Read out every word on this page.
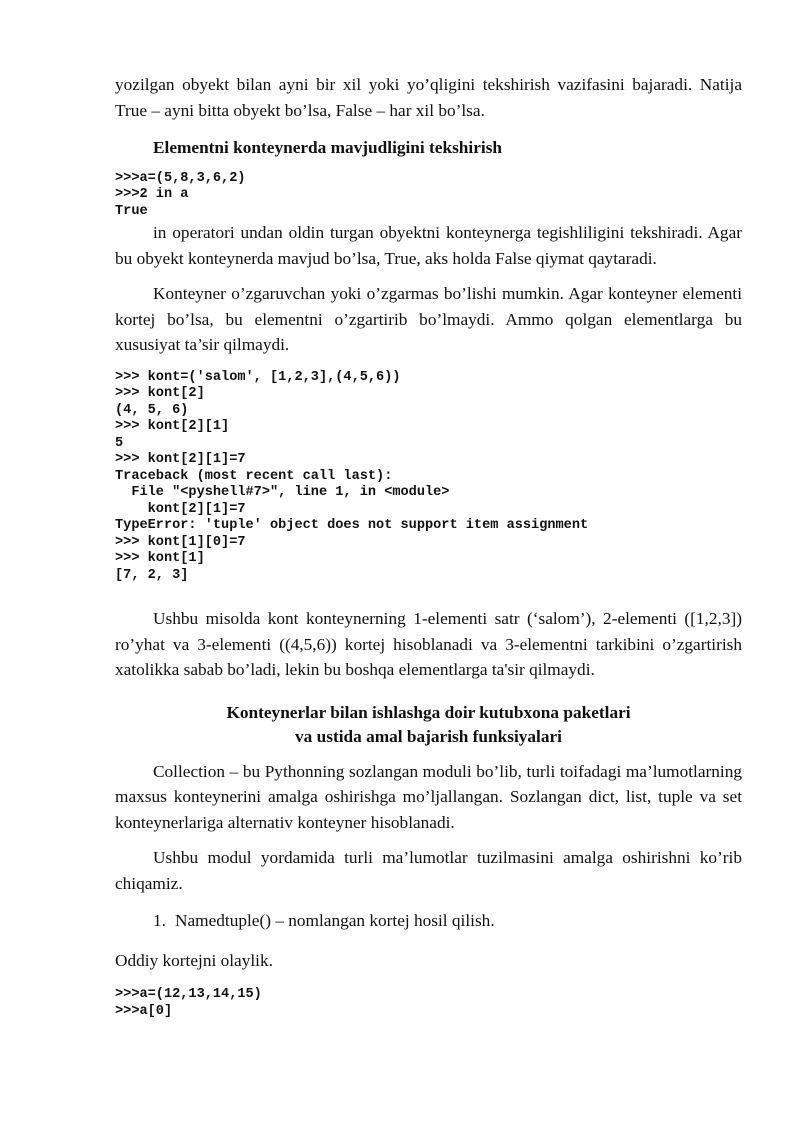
yozilgan obyekt bilan ayni bir xil yoki yo’qligini tekshirish vazifasini bajaradi. Natija True – ayni bitta obyekt bo’lsa, False – har xil bo’lsa.

Elementni konteynerda mavjudligini tekshirish
>>>a=(5,8,3,6,2)
>>>2 in a
True

in operatori undan oldin turgan obyektni konteynerga tegishliligini tekshiradi. Agar bu obyekt konteynerda mavjud bo’lsa, True, aks holda False qiymat qaytaradi.

Konteyner o’zgaruvchan yoki o’zgarmas bo’lishi mumkin. Agar konteyner elementi kortej bo’lsa, bu elementni o’zgartirib bo’lmaydi. Ammo qolgan elementlarga bu xususiyat ta’sir qilmaydi.

>>> kont=('salom', [1,2,3],(4,5,6))
>>> kont[2]
(4, 5, 6)
>>> kont[2][1]
5
>>> kont[2][1]=7
Traceback (most recent call last):
File "<pyshell#7>", line 1, in <module>
kont[2][1]=7
TypeError: 'tuple' object does not support item assignment
>>> kont[1][0]=7
>>> kont[1]
[7, 2, 3]

Ushbu misolda kont konteynerning 1-elementi satr (‘salom’), 2-elementi ([1,2,3]) ro’yhat va 3-elementi ((4,5,6)) kortej hisoblanadi va 3-elementni tarkibini o’zgartirish xatolikka sabab bo’ladi, lekin bu boshqa elementlarga ta'sir qilmaydi.

Konteynerlar bilan ishlashga doir kutubxona paketlari
va ustida amal bajarish funksiyalari

Collection – bu Pythonning sozlangan moduli bo’lib, turli toifadagi ma’lumotlarning maxsus konteynerini amalga oshirishga mo’ljallangan. Sozlangan dict, list, tuple va set konteynerlariga alternativ konteyner hisoblanadi.

Ushbu modul yordamida turli ma’lumotlar tuzilmasini amalga oshirishni ko’rib chiqamiz.

1. Namedtuple() – nomlangan kortej hosil qilish.

Oddiy kortejni olaylik.

>>>a=(12,13,14,15)
>>>a[0]
